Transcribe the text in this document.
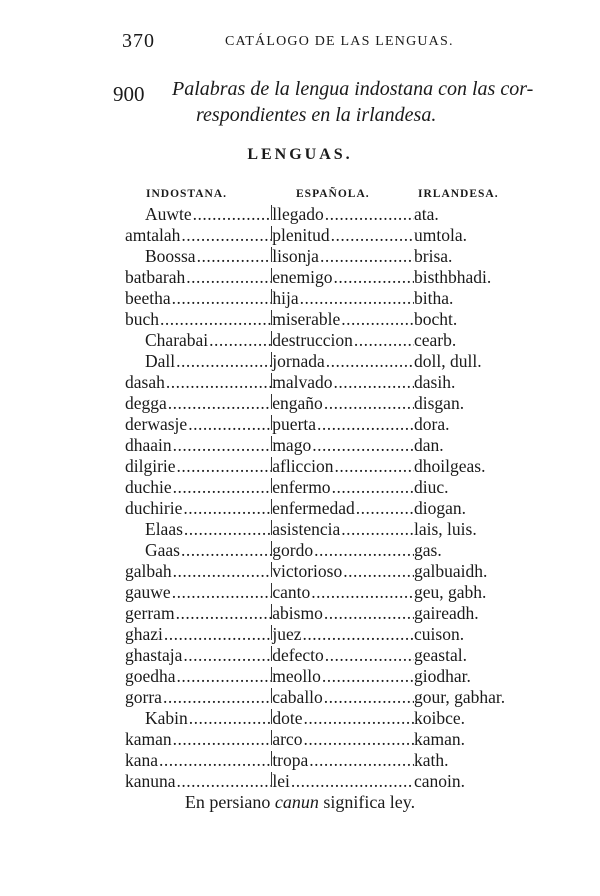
370	CATÁLOGO DE LAS LENGUAS.
900 Palabras de la lengua indostana con las cor-
respondientes en la irlandesa.
LENGUAS.
INDOSTANA.	ESPAÑOLA.	IRLANDESA.
Auwte .....	llegado .....	ata.
amtalah .....	plenitud .....	umtola.
Boossa .....	lisonja .....	brisa.
batbarah .....	enemigo .....	bisthbhadi.
beetha .....	hija .....	bitha.
buch .....	miserable .....	bocht.
Charabai .....	destruccion .....	cearb.
Dall .....	jornada .....	doll, dull.
dasah .....	malvado .....	dasih.
degga .....	engaño .....	disgan.
derwasje .....	puerta .....	dora.
dhaain .....	mago .....	dan.
dilgirie .....	afliccion .....	dhoilgeas.
duchie .....	enfermo .....	diuc.
duchirie .....	enfermedad .....	diogan.
Elaas .....	asistencia .....	lais, luis.
Gaas .....	gordo .....	gas.
galbah .....	victorioso .....	galbuaidh.
gauwe .....	canto .....	geu, gabh.
gerram .....	abismo .....	gaireadh.
ghazi .....	juez .....	cuison.
ghastaja .....	defecto .....	geastal.
goedha .....	meollo .....	giodhar.
gorra .....	caballo .....	gour, gabhar.
Kabin .....	dote .....	koibce.
kaman .....	arco .....	kaman.
kana .....	tropa .....	kath.
kanuna .....	lei .....	canoin.
En persiano canun significa ley.
